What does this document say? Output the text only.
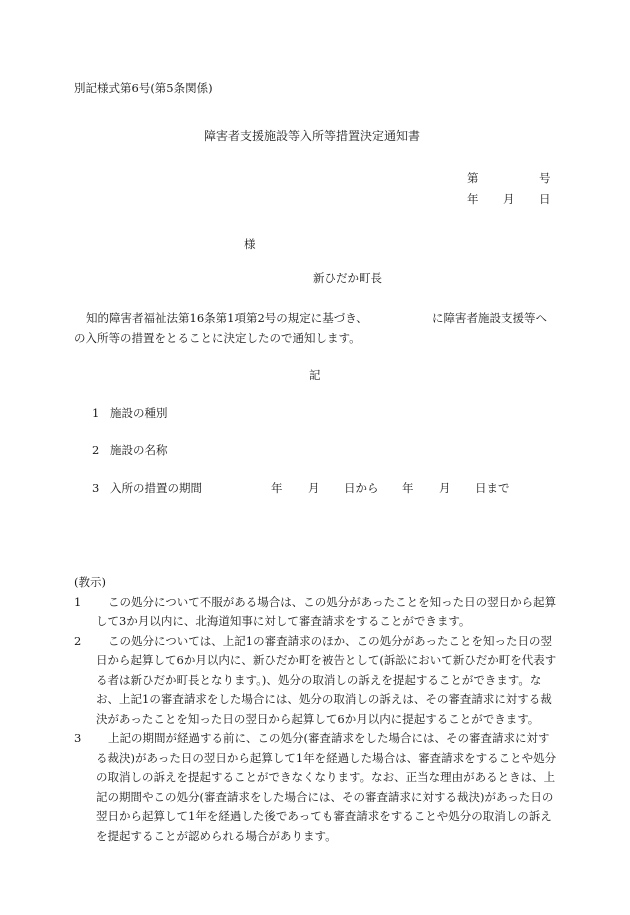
別記様式第6号(第5条関係)
障害者支援施設等入所等措置決定通知書
第	号
年 月 日
様
新ひだか町長
知的障害者福祉法第16条第1項第2号の規定に基づき、	に障害者施設支援等へ
の入所等の措置をとることに決定したので通知します。
記
1 施設の種別
2 施設の名称
3 入所の措置の期間	年 月 日から 年 月 日まで
(教示)
1	この処分について不服がある場合は、この処分があったことを知った日の翌日から起算して3か月以内に、北海道知事に対して審査請求をすることができます。
2	この処分については、上記1の審査請求のほか、この処分があったことを知った日の翌日から起算して6か月以内に、新ひだか町を被告として(訴訟において新ひだか町を代表する者は新ひだか町長となります。)、処分の取消しの訴えを提起することができます。なお、上記1の審査請求をした場合には、処分の取消しの訴えは、その審査請求に対する裁決があったことを知った日の翌日から起算して6か月以内に提起することができます。
3	上記の期間が経過する前に、この処分(審査請求をした場合には、その審査請求に対する裁決)があった日の翌日から起算して1年を経過した場合は、審査請求をすることや処分の取消しの訴えを提起することができなくなります。なお、正当な理由があるときは、上記の期間やこの処分(審査請求をした場合には、その審査請求に対する裁決)があった日の翌日から起算して1年を経過した後であっても審査請求をすることや処分の取消しの訴えを提起することが認められる場合があります。
